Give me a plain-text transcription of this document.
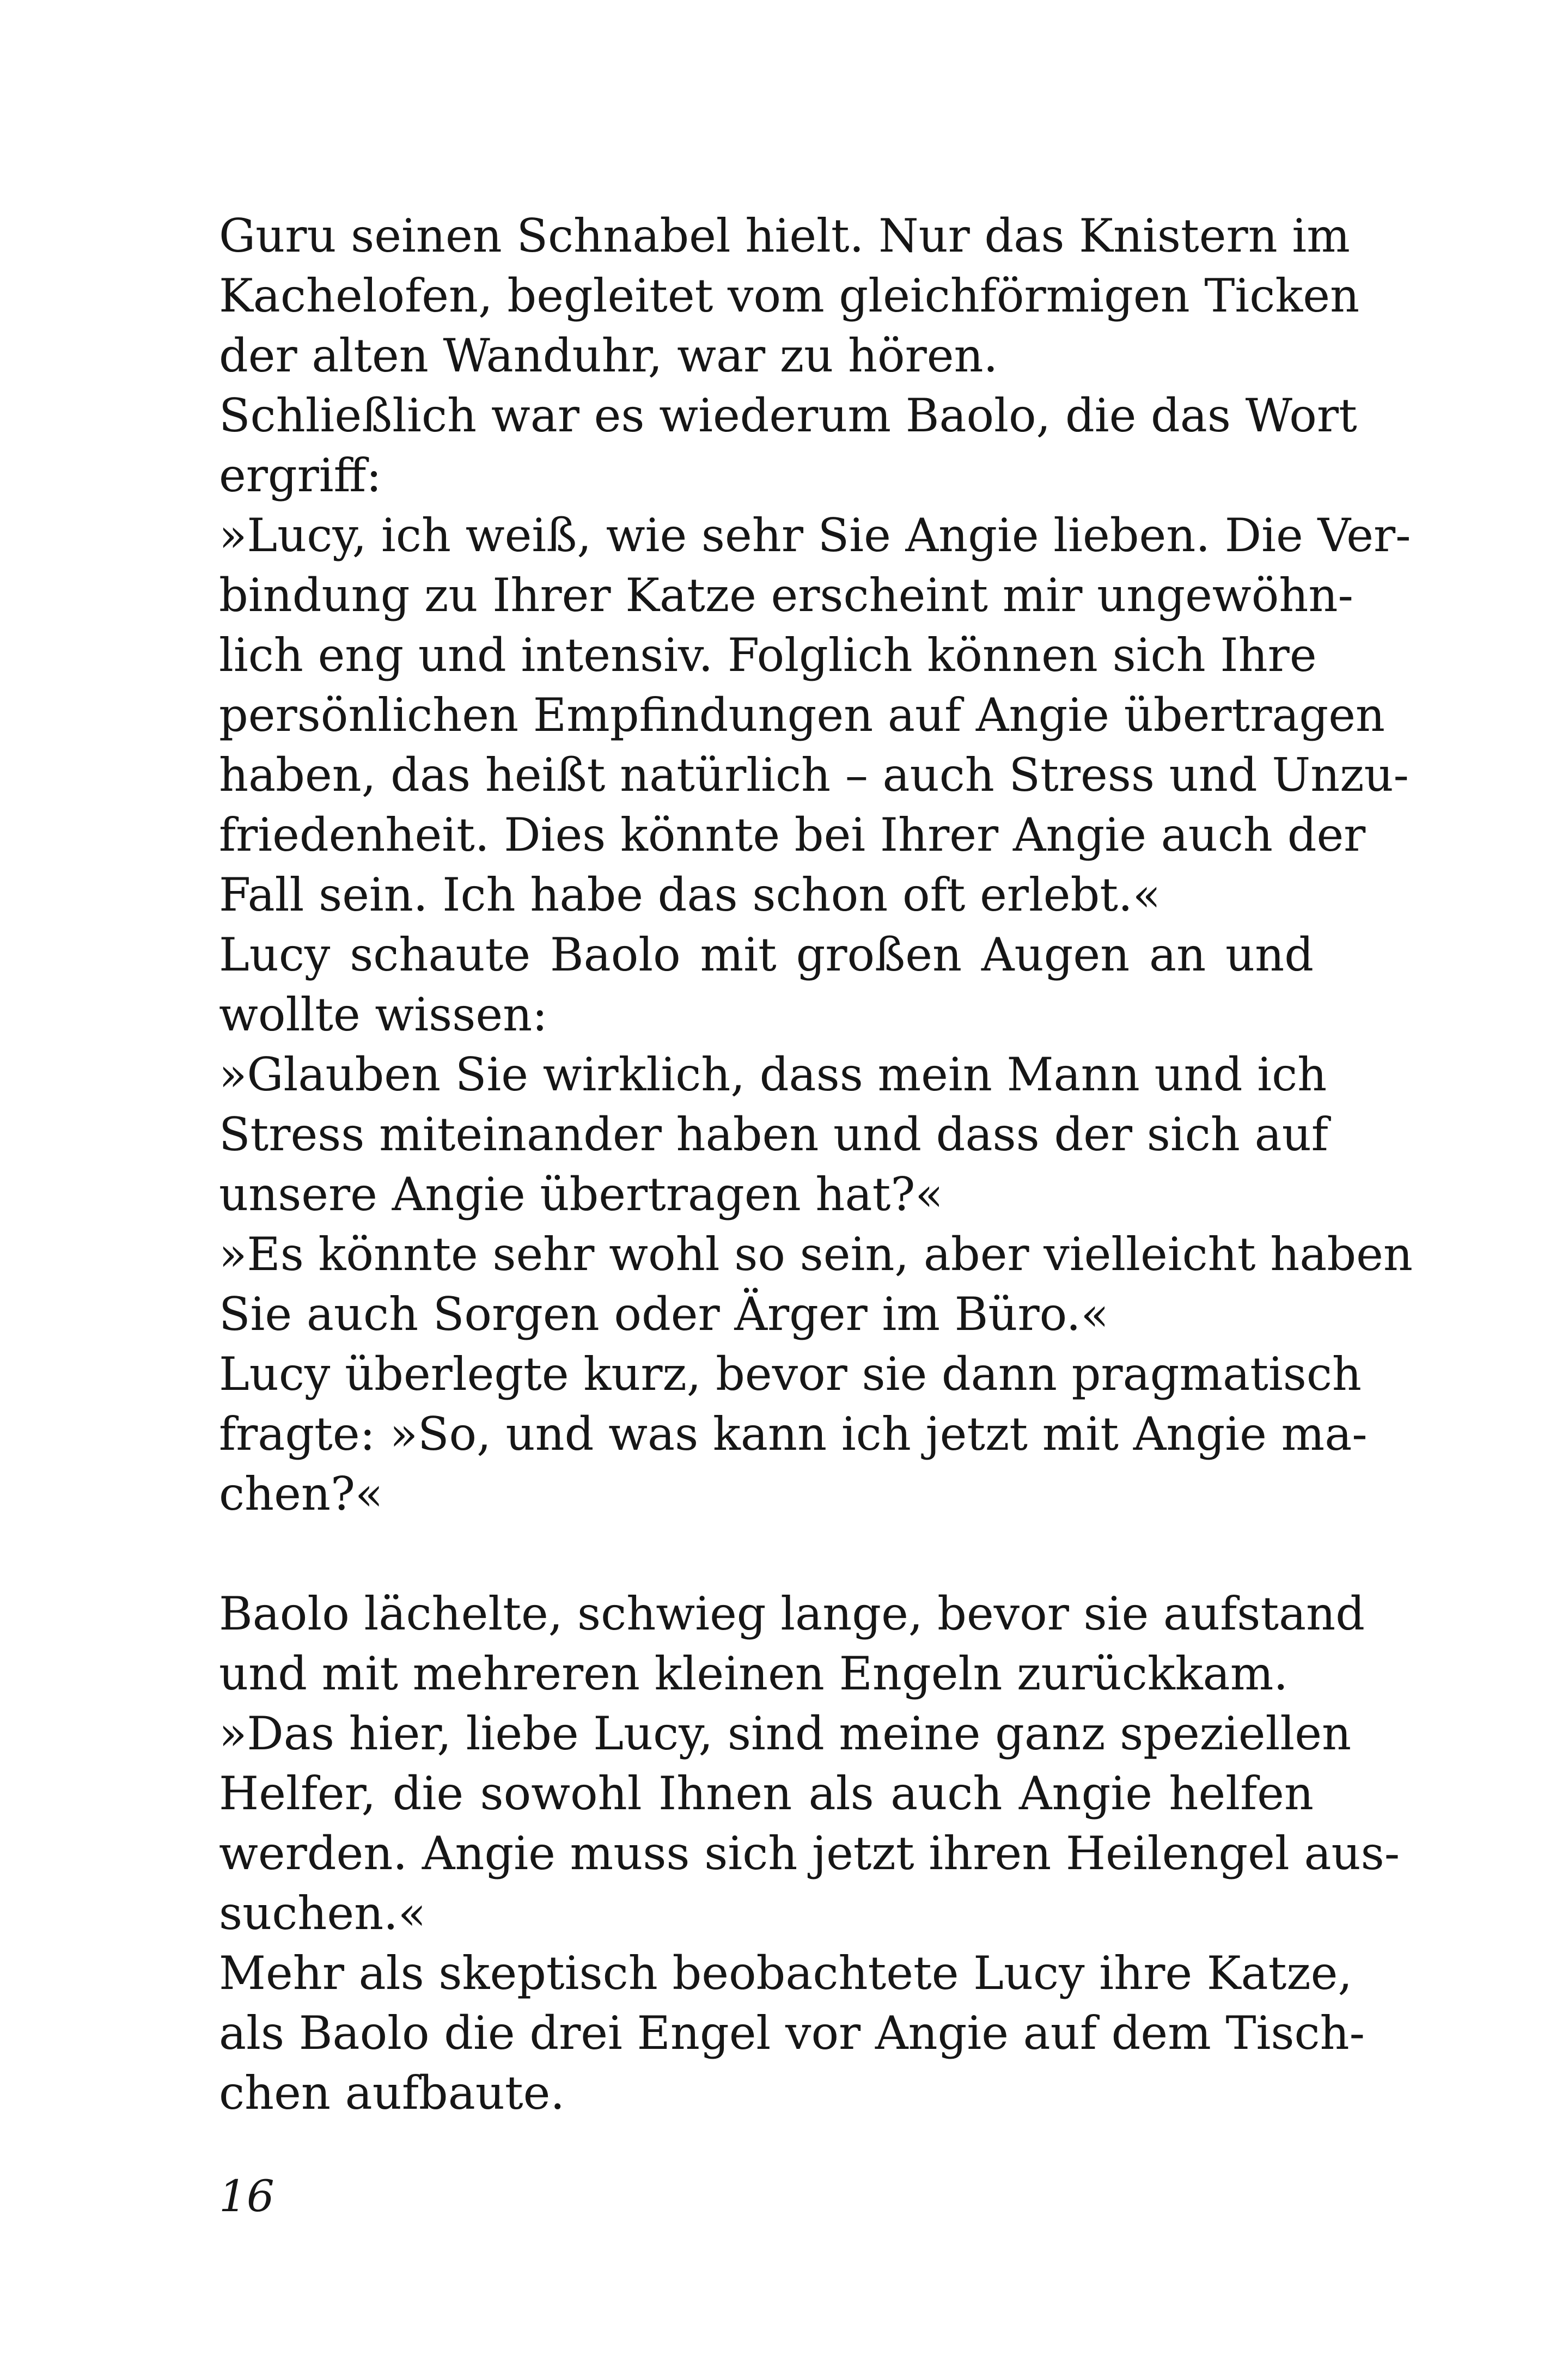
Guru seinen Schnabel hielt. Nur das Knistern im
Kachelofen, begleitet vom gleichförmigen Ticken
der alten Wanduhr, war zu hören.
Schließlich war es wiederum Baolo, die das Wort
ergriff:
»Lucy, ich weiß, wie sehr Sie Angie lieben. Die Ver-
bindung zu Ihrer Katze erscheint mir ungewöhn-
lich eng und intensiv. Folglich können sich Ihre
persönlichen Empfindungen auf Angie übertragen
haben, das heißt natürlich – auch Stress und Unzu-
friedenheit. Dies könnte bei Ihrer Angie auch der
Fall sein. Ich habe das schon oft erlebt.«
Lucy schaute Baolo mit großen Augen an und
wollte wissen:
»Glauben Sie wirklich, dass mein Mann und ich
Stress miteinander haben und dass der sich auf
unsere Angie übertragen hat?«
»Es könnte sehr wohl so sein, aber vielleicht haben
Sie auch Sorgen oder Ärger im Büro.«
Lucy überlegte kurz, bevor sie dann pragmatisch
fragte: »So, und was kann ich jetzt mit Angie ma-
chen?«
Baolo lächelte, schwieg lange, bevor sie aufstand
und mit mehreren kleinen Engeln zurückkam.
»Das hier, liebe Lucy, sind meine ganz speziellen
Helfer, die sowohl Ihnen als auch Angie helfen
werden. Angie muss sich jetzt ihren Heilengel aus-
suchen.«
Mehr als skeptisch beobachtete Lucy ihre Katze,
als Baolo die drei Engel vor Angie auf dem Tisch-
chen aufbaute.
16
